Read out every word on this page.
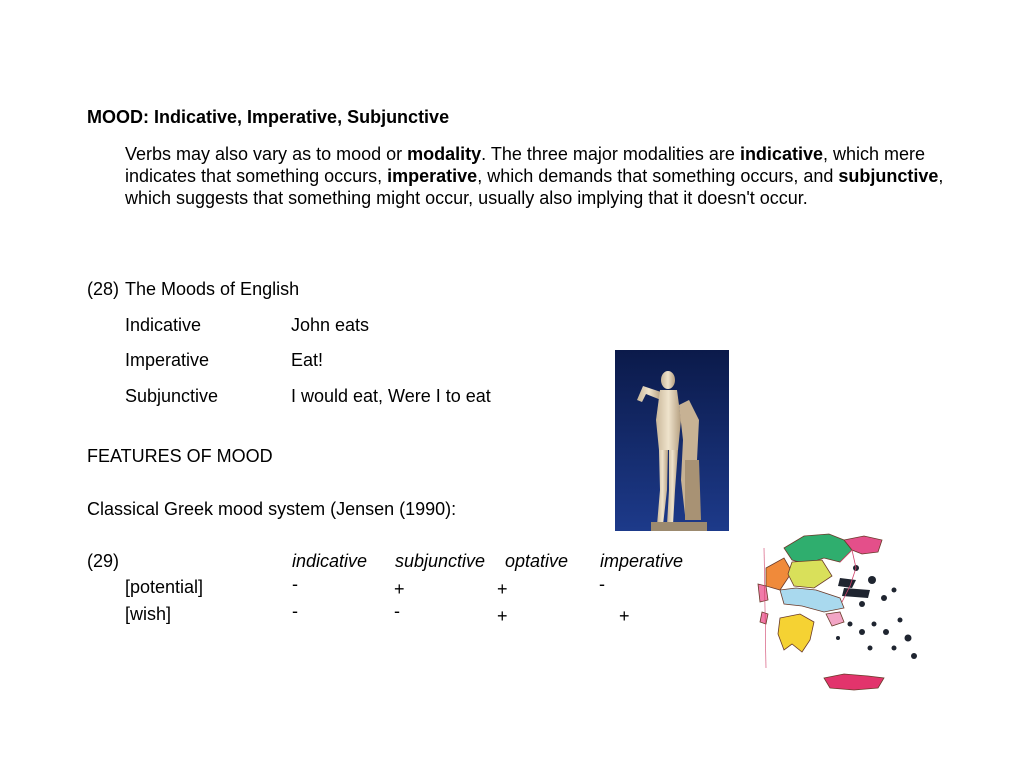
MOOD: Indicative, Imperative, Subjunctive
Verbs may also vary as to mood or modality. The three major modalities are indicative, which mere indicates that something occurs, imperative, which demands that something occurs, and subjunctive, which suggests that something might occur, usually also implying that it doesn't occur.
(28) The Moods of English
Indicative	John eats
Imperative	Eat!
Subjunctive	I would eat, Were I to eat
FEATURES OF MOOD
Classical Greek mood system (Jensen (1990):
(29)	indicative subjunctive optative imperative
[potential]	-	+	+	-
[wish]	-	-	+	+
